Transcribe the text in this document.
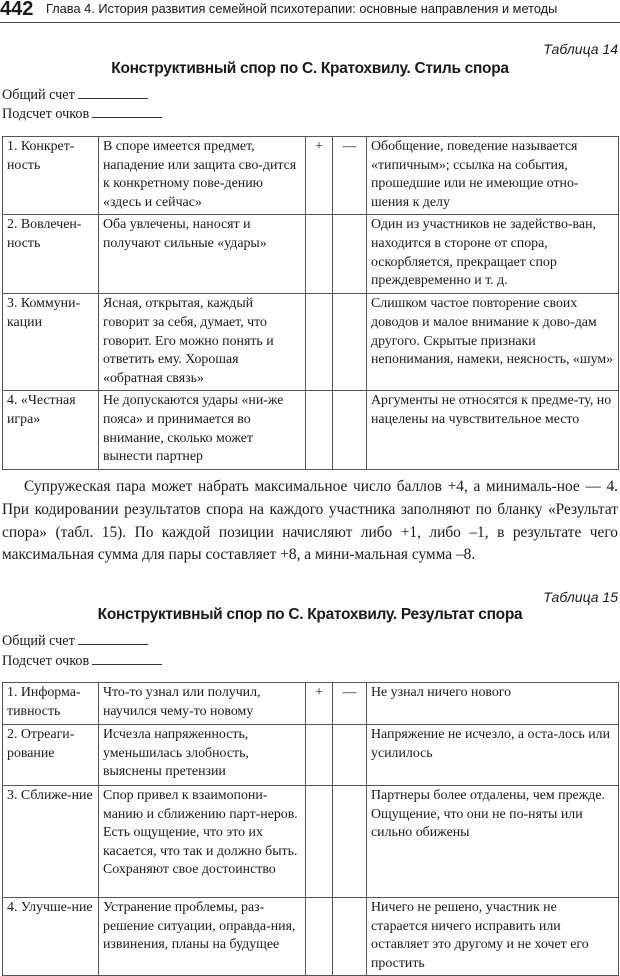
442 Глава 4. История развития семейной психотерапии: основные направления и методы
Таблица 14
Конструктивный спор по С. Кратохвилу. Стиль спора
Общий счет
Подсчет очков
1. Конкрет-ность	В споре имеется предмет, нападение или защита сво-дится к конкретному пове-дению «здесь и сейчас»	+	—	Обобщение, поведение называется «типичным»; ссылка на события, прошедшие или не имеющие отно-шения к делу
2. Вовлечен-ность	Оба увлечены, наносят и получают сильные «удары»			Один из участников не задейство-ван, находится в стороне от спора, оскорбляется, прекращает спор преждевременно и т. д.
3. Коммуни-кации	Ясная, открытая, каждый говорит за себя, думает, что говорит. Его можно понять и ответить ему. Хорошая «обратная связь»			Слишком частое повторение своих доводов и малое внимание к дово-дам другого. Скрытые признаки непонимания, намеки, неясность, «шум»
4. «Честная игра»	Не допускаются удары «ни-же пояса» и принимается во внимание, сколько может вынести партнер			Аргументы не относятся к предме-ту, но нацелены на чувствительное место

Супружеская пара может набрать максимальное число баллов +4, а минималь-ное — 4. При кодировании результатов спора на каждого участника заполняют по бланку «Результат спора» (табл. 15). По каждой позиции начисляют либо +1, либо –1, в результате чего максимальная сумма для пары составляет +8, а мини-мальная сумма –8.

Таблица 15
Конструктивный спор по С. Кратохвилу. Результат спора
Общий счет
Подсчет очков
1. Информа-тивность	Что-то узнал или получил, научился чему-то новому	+	—	Не узнал ничего нового
2. Отреаги-рование	Исчезла напряженность, уменьшилась злобность, выяснены претензии			Напряжение не исчезло, а оста-лось или усилилось
3. Сближе-ние	Спор привел к взаимопони-манию и сближению парт-неров. Есть ощущение, что это их касается, что так и должно быть. Сохраняют свое достоинство			Партнеры более отдалены, чем прежде. Ощущение, что они не по-няты или сильно обижены
4. Улучше-ние	Устранение проблемы, раз-решение ситуации, оправда-ния, извинения, планы на будущее			Ничего не решено, участник не старается ничего исправить или оставляет это другому и не хочет его простить
